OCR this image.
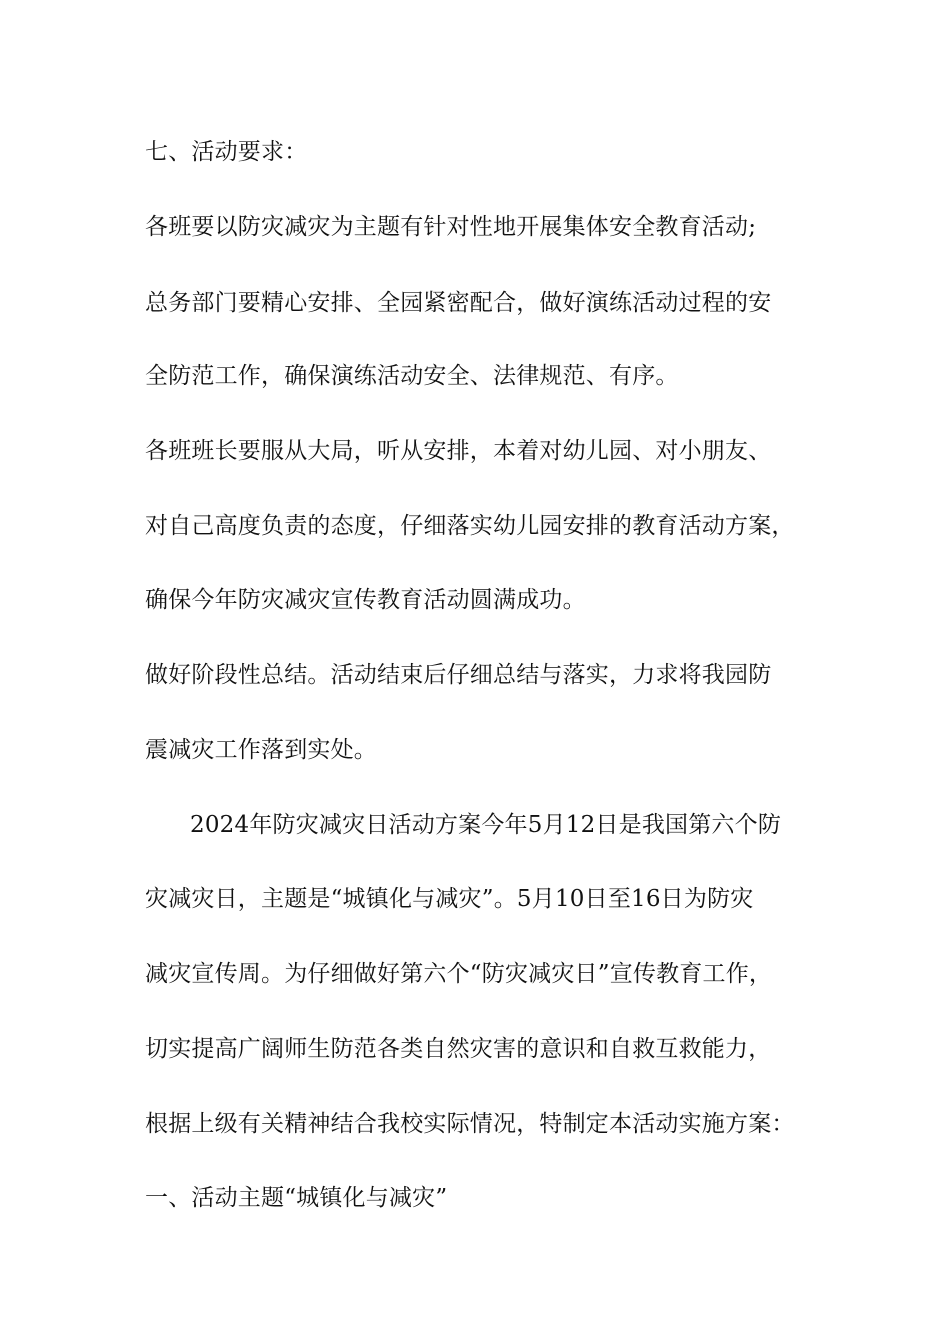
七、活动要求：
各班要以防灾减灾为主题有针对性地开展集体安全教育活动;
总务部门要精心安排、全园紧密配合，做好演练活动过程的安
全防范工作，确保演练活动安全、法律规范、有序。
各班班长要服从大局，听从安排，本着对幼儿园、对小朋友、
对自己高度负责的态度，仔细落实幼儿园安排的教育活动方案，
确保今年防灾减灾宣传教育活动圆满成功。
做好阶段性总结。活动结束后仔细总结与落实，力求将我园防
震减灾工作落到实处。
2024年防灾减灾日活动方案今年5月12日是我国第六个防
灾减灾日，主题是“城镇化与减灾”。5月10日至16日为防灾
减灾宣传周。为仔细做好第六个“防灾减灾日”宣传教育工作，
切实提高广阔师生防范各类自然灾害的意识和自救互救能力，
根据上级有关精神结合我校实际情况，特制定本活动实施方案：
一、活动主题“城镇化与减灾”
